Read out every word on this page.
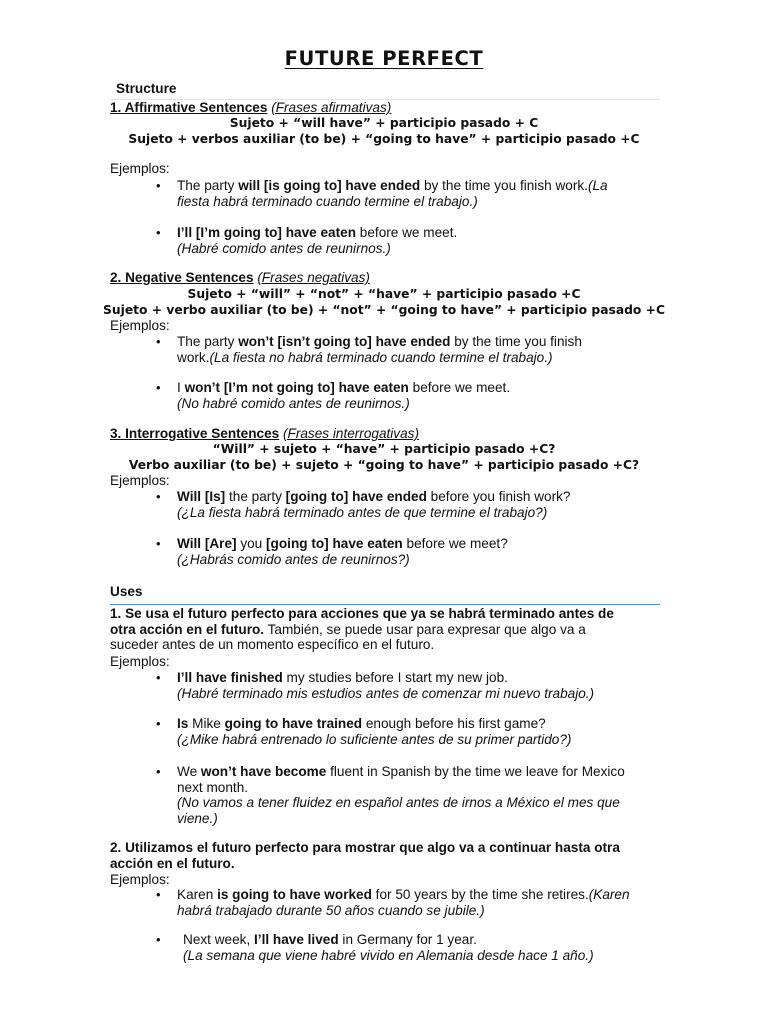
FUTURE PERFECT
Structure
1. Affirmative Sentences (Frases afirmativas)
Sujeto + “will have” + participio pasado + C
Sujeto + verbos auxiliar (to be) + “going to have” + participio pasado +C
Ejemplos:
• The party will [is going to] have ended by the time you finish work.(La
fiesta habrá terminado cuando termine el trabajo.)
• I’ll [I’m going to] have eaten before we meet.
(Habré comido antes de reunirnos.)
2. Negative Sentences (Frases negativas)
Sujeto + “will” + “not” + “have” + participio pasado +C
Sujeto + verbo auxiliar (to be) + “not” + “going to have” + participio pasado +C
Ejemplos:
• The party won’t [isn’t going to] have ended by the time you finish
work.(La fiesta no habrá terminado cuando termine el trabajo.)
• I won’t [I’m not going to] have eaten before we meet.
(No habré comido antes de reunirnos.)
3. Interrogative Sentences (Frases interrogativas)
“Will” + sujeto + “have” + participio pasado +C?
Verbo auxiliar (to be) + sujeto + “going to have” + participio pasado +C?
Ejemplos:
• Will [Is] the party [going to] have ended before you finish work?
(¿La fiesta habrá terminado antes de que termine el trabajo?)
• Will [Are] you [going to] have eaten before we meet?
(¿Habrás comido antes de reunirnos?)
Uses
1. Se usa el futuro perfecto para acciones que ya se habrá terminado antes de
otra acción en el futuro. También, se puede usar para expresar que algo va a
suceder antes de un momento específico en el futuro.
Ejemplos:
• I’ll have finished my studies before I start my new job.
(Habré terminado mis estudios antes de comenzar mi nuevo trabajo.)
• Is Mike going to have trained enough before his first game?
(¿Mike habrá entrenado lo suficiente antes de su primer partido?)
• We won’t have become fluent in Spanish by the time we leave for Mexico
next month.
(No vamos a tener fluidez en español antes de irnos a México el mes que
viene.)
2. Utilizamos el futuro perfecto para mostrar que algo va a continuar hasta otra
acción en el futuro.
Ejemplos:
• Karen is going to have worked for 50 years by the time she retires.(Karen
habrá trabajado durante 50 años cuando se jubile.)
• Next week, I’ll have lived in Germany for 1 year.
(La semana que viene habré vivido en Alemania desde hace 1 año.)
